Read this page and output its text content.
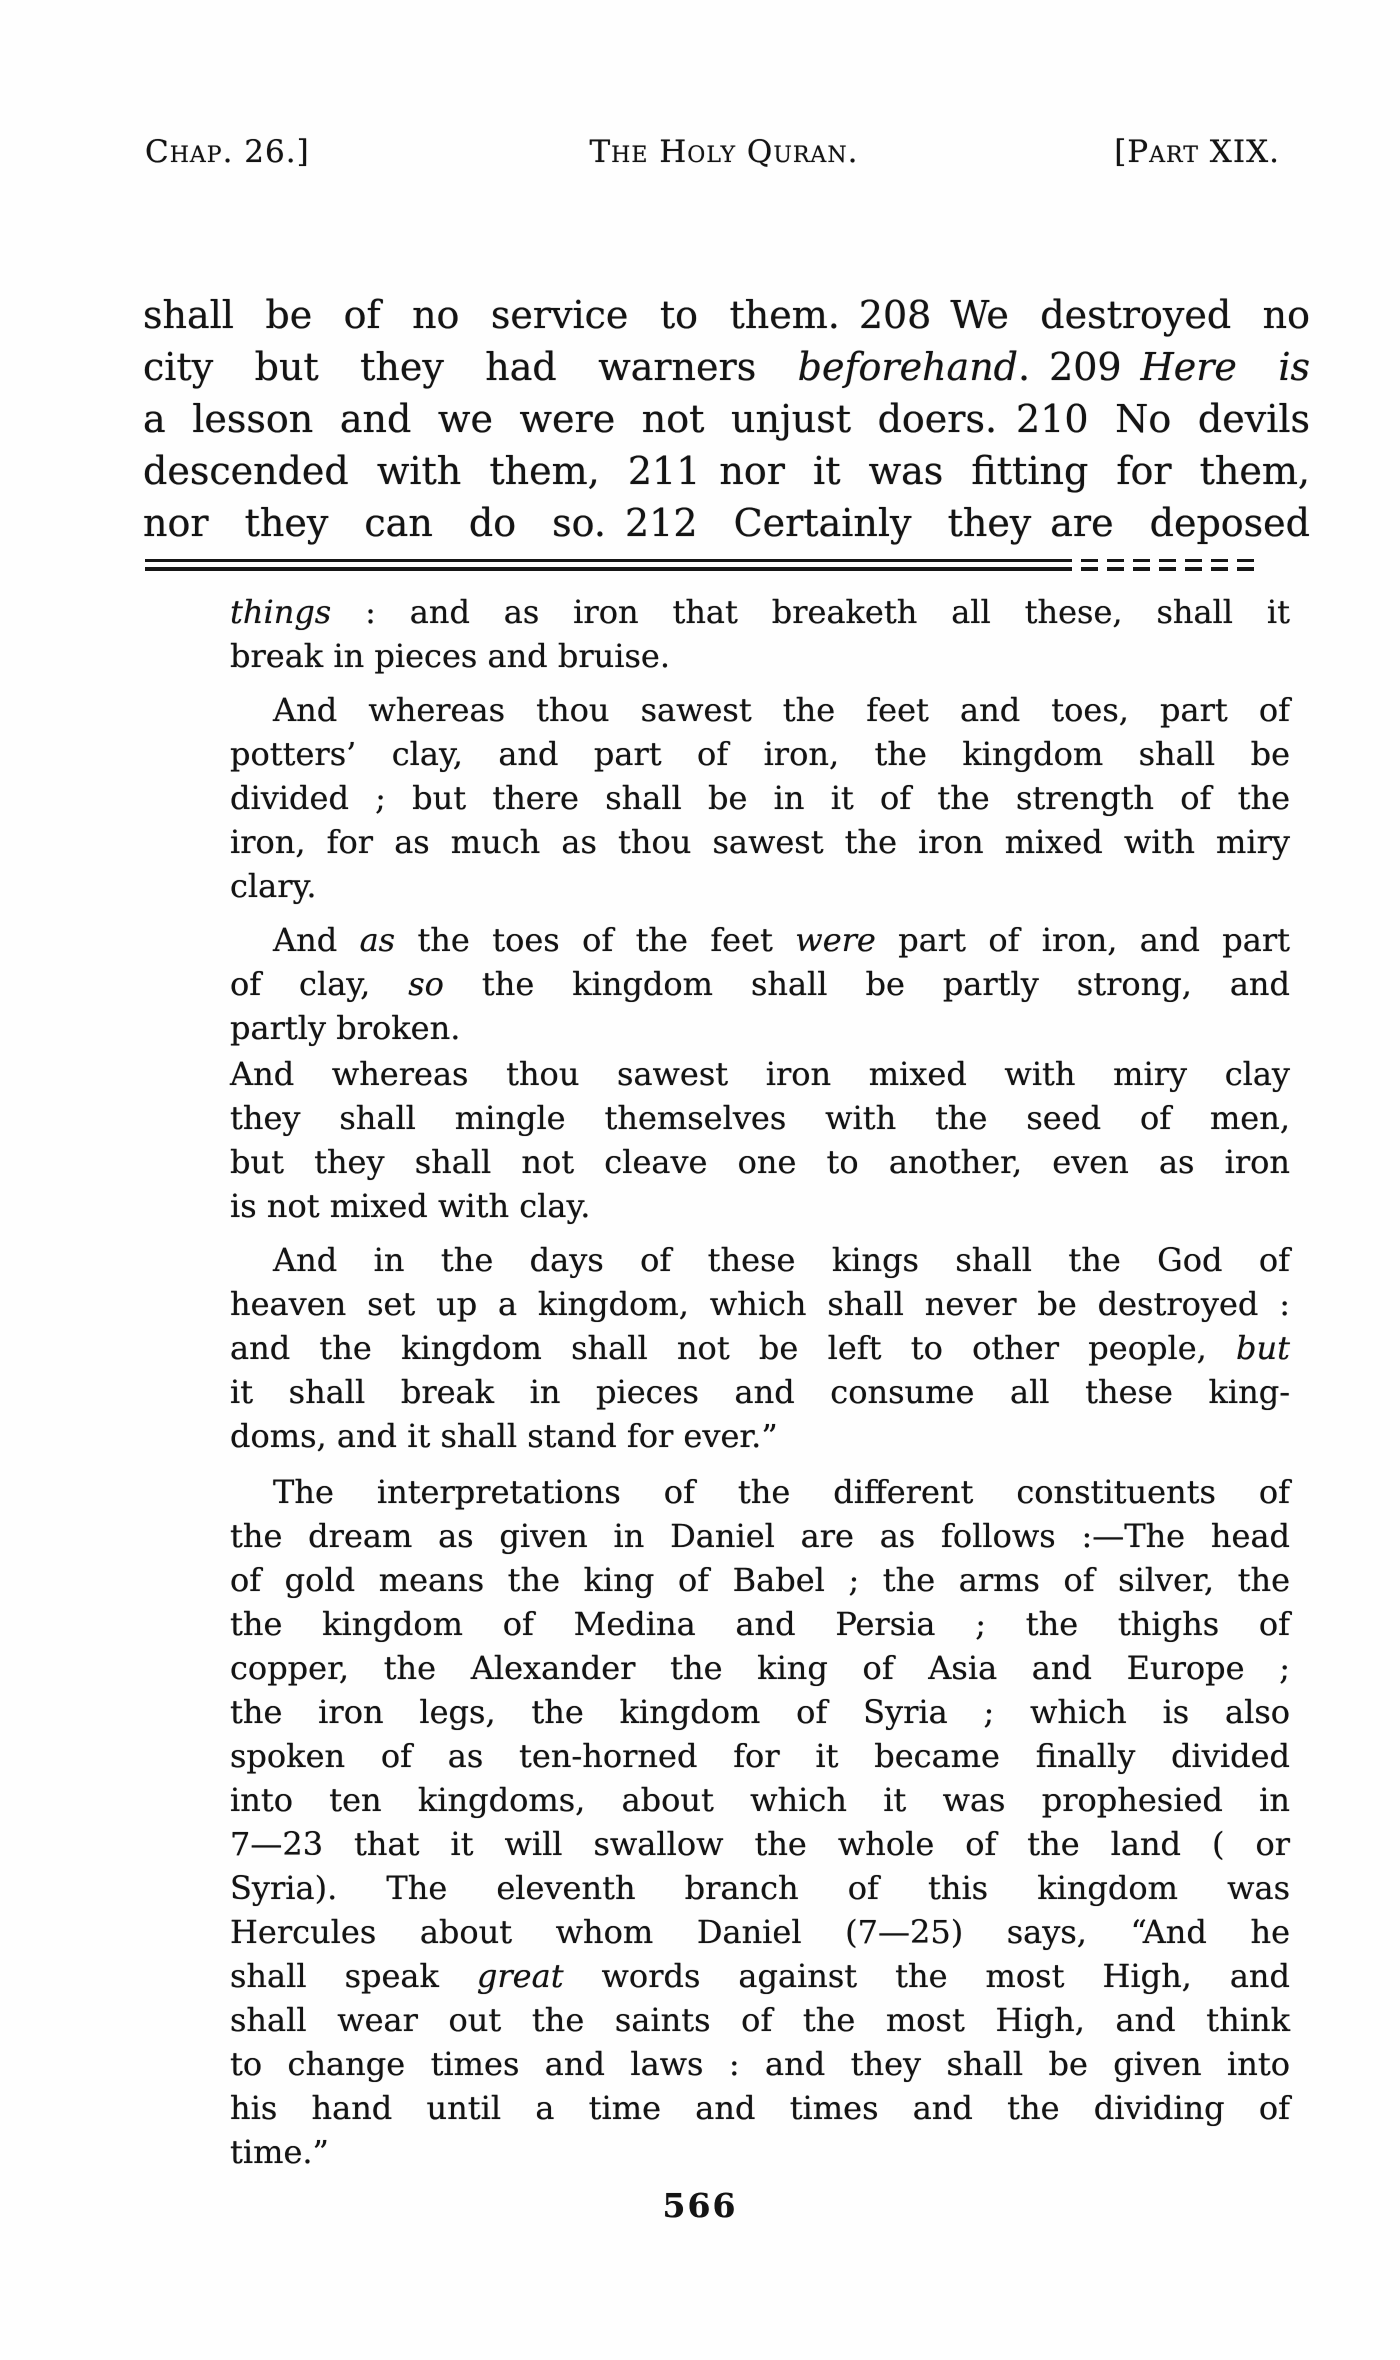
Chap. 26.]	The Holy Quran.	[Part XIX.
shall be of no service to them. 208 We destroyed no
city but they had warners beforehand. 209 Here is
a lesson and we were not unjust doers. 210 No devils
descended with them, 211 nor it was fitting for them,
nor they can do so. 212 Certainly they are deposed
things : and as iron that breaketh all these, shall it
break in pieces and bruise.
And whereas thou sawest the feet and toes, part of
potters’ clay, and part of iron, the kingdom shall be
divided ; but there shall be in it of the strength of the
iron, for as much as thou sawest the iron mixed with miry
clary.
And as the toes of the feet were part of iron, and part
of clay, so the kingdom shall be partly strong, and
partly broken.
And whereas thou sawest iron mixed with miry clay
they shall mingle themselves with the seed of men,
but they shall not cleave one to another, even as iron
is not mixed with clay.
And in the days of these kings shall the God of
heaven set up a kingdom, which shall never be destroyed :
and the kingdom shall not be left to other people, but
it shall break in pieces and consume all these king-
doms, and it shall stand for ever.”
The interpretations of the different constituents of
the dream as given in Daniel are as follows :—The head
of gold means the king of Babel ; the arms of silver, the
the kingdom of Medina and Persia ; the thighs of
copper, the Alexander the king of Asia and Europe ;
the iron legs, the kingdom of Syria ; which is also
spoken of as ten-horned for it became finally divided
into ten kingdoms, about which it was prophesied in
7—23 that it will swallow the whole of the land ( or
Syria). The eleventh branch of this kingdom was
Hercules about whom Daniel (7—25) says, “And he
shall speak great words against the most High, and
shall wear out the saints of the most High, and think
to change times and laws : and they shall be given into
his hand until a time and times and the dividing of
time.”
566
